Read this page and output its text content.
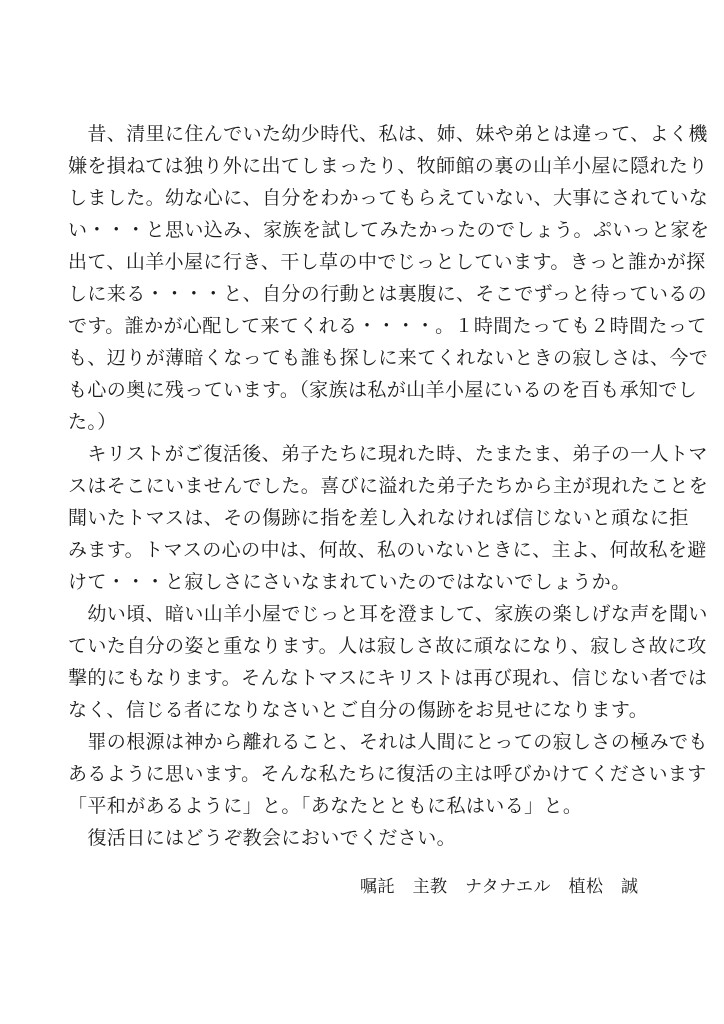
　昔、清里に住んでいた幼少時代、私は、姉、妹や弟とは違って、よく機
嫌を損ねては独り外に出てしまったり、牧師館の裏の山羊小屋に隠れたり
しました。幼な心に、自分をわかってもらえていない、大事にされていな
い・・・と思い込み、家族を試してみたかったのでしょう。ぷいっと家を
出て、山羊小屋に行き、干し草の中でじっとしています。きっと誰かが探
しに来る・・・・と、自分の行動とは裏腹に、そこでずっと待っているの
です。誰かが心配して来てくれる・・・・。１時間たっても２時間たって
も、辺りが薄暗くなっても誰も探しに来てくれないときの寂しさは、今で
も心の奥に残っています。（家族は私が山羊小屋にいるのを百も承知でし
た。）
　キリストがご復活後、弟子たちに現れた時、たまたま、弟子の一人トマ
スはそこにいませんでした。喜びに溢れた弟子たちから主が現れたことを
聞いたトマスは、その傷跡に指を差し入れなければ信じないと頑なに拒
みます。トマスの心の中は、何故、私のいないときに、主よ、何故私を避
けて・・・と寂しさにさいなまれていたのではないでしょうか。
　幼い頃、暗い山羊小屋でじっと耳を澄まして、家族の楽しげな声を聞い
ていた自分の姿と重なります。人は寂しさ故に頑なになり、寂しさ故に攻
撃的にもなります。そんなトマスにキリストは再び現れ、信じない者では
なく、信じる者になりなさいとご自分の傷跡をお見せになります。
　罪の根源は神から離れること、それは人間にとっての寂しさの極みでも
あるように思います。そんな私たちに復活の主は呼びかけてくださいます
「平和があるように」と。「あなたとともに私はいる」と。
　復活日にはどうぞ教会においでください。
嘱託　主教　ナタナエル　植松　誠
